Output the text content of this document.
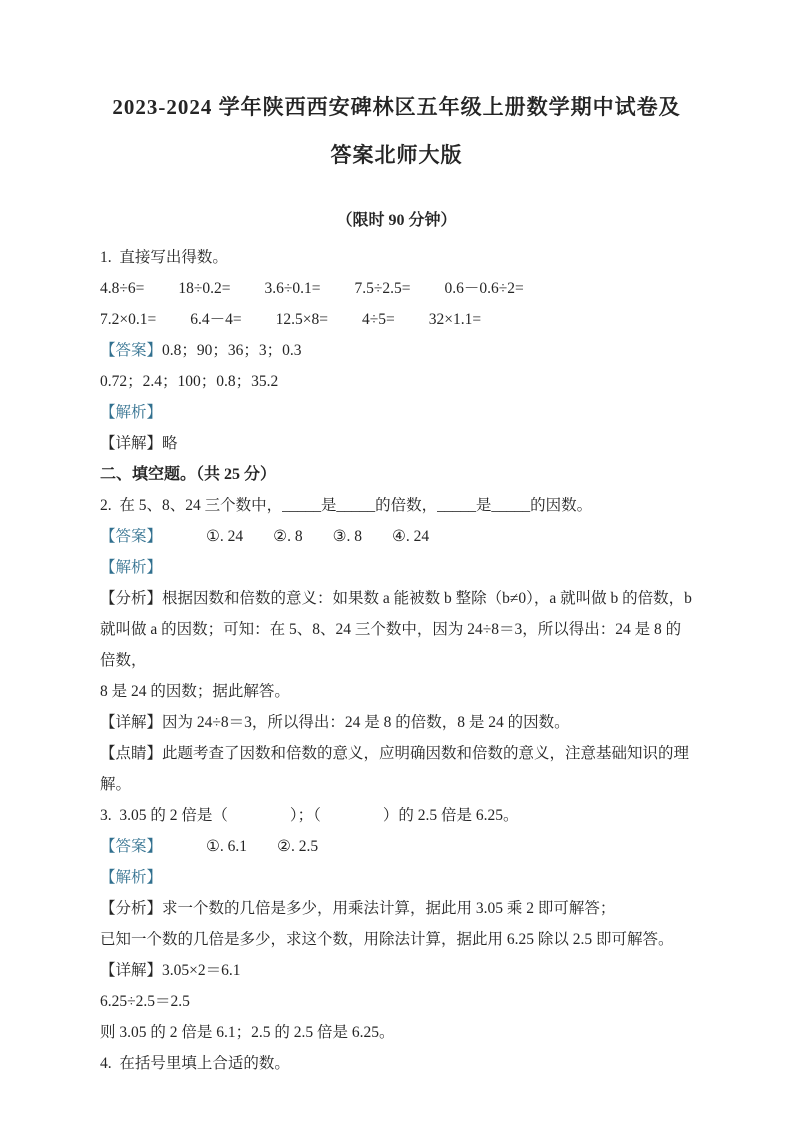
2023-2024 学年陕西西安碑林区五年级上册数学期中试卷及
答案北师大版

（限时 90 分钟）

1.  直接写出得数。

4.8÷6= 18÷0.2= 3.6÷0.1= 7.5÷2.5= 0.6－0.6÷2=

7.2×0.1= 6.4－4= 12.5×8= 4÷5= 32×1.1=

【答案】0.8；90；36；3；0.3

0.72；2.4；100；0.8；35.2

【解析】

【详解】略

二、填空题。（共 25 分）

2.  在 5、8、24 三个数中，_____是_____的倍数，_____是_____的因数。

【答案】	①. 24 ②. 8 ③. 8 ④. 24

【解析】

【分析】根据因数和倍数的意义：如果数 a 能被数 b 整除（b≠0），a 就叫做 b 的倍数，b

就叫做 a 的因数；可知：在 5、8、24 三个数中，因为 24÷8＝3，所以得出：24 是 8 的倍数，

8 是 24 的因数；据此解答。

【详解】因为 24÷8＝3，所以得出：24 是 8 的倍数，8 是 24 的因数。

【点睛】此题考查了因数和倍数的意义，应明确因数和倍数的意义，注意基础知识的理解。

3.  3.05 的 2 倍是（　　　　）；（　　　　）的 2.5 倍是 6.25。

【答案】	①. 6.1 ②. 2.5

【解析】

【分析】求一个数的几倍是多少，用乘法计算，据此用 3.05 乘 2 即可解答；

已知一个数的几倍是多少，求这个数，用除法计算，据此用 6.25 除以 2.5 即可解答。

【详解】3.05×2＝6.1

6.25÷2.5＝2.5

则 3.05 的 2 倍是 6.1；2.5 的 2.5 倍是 6.25。

4.  在括号里填上合适的数。
